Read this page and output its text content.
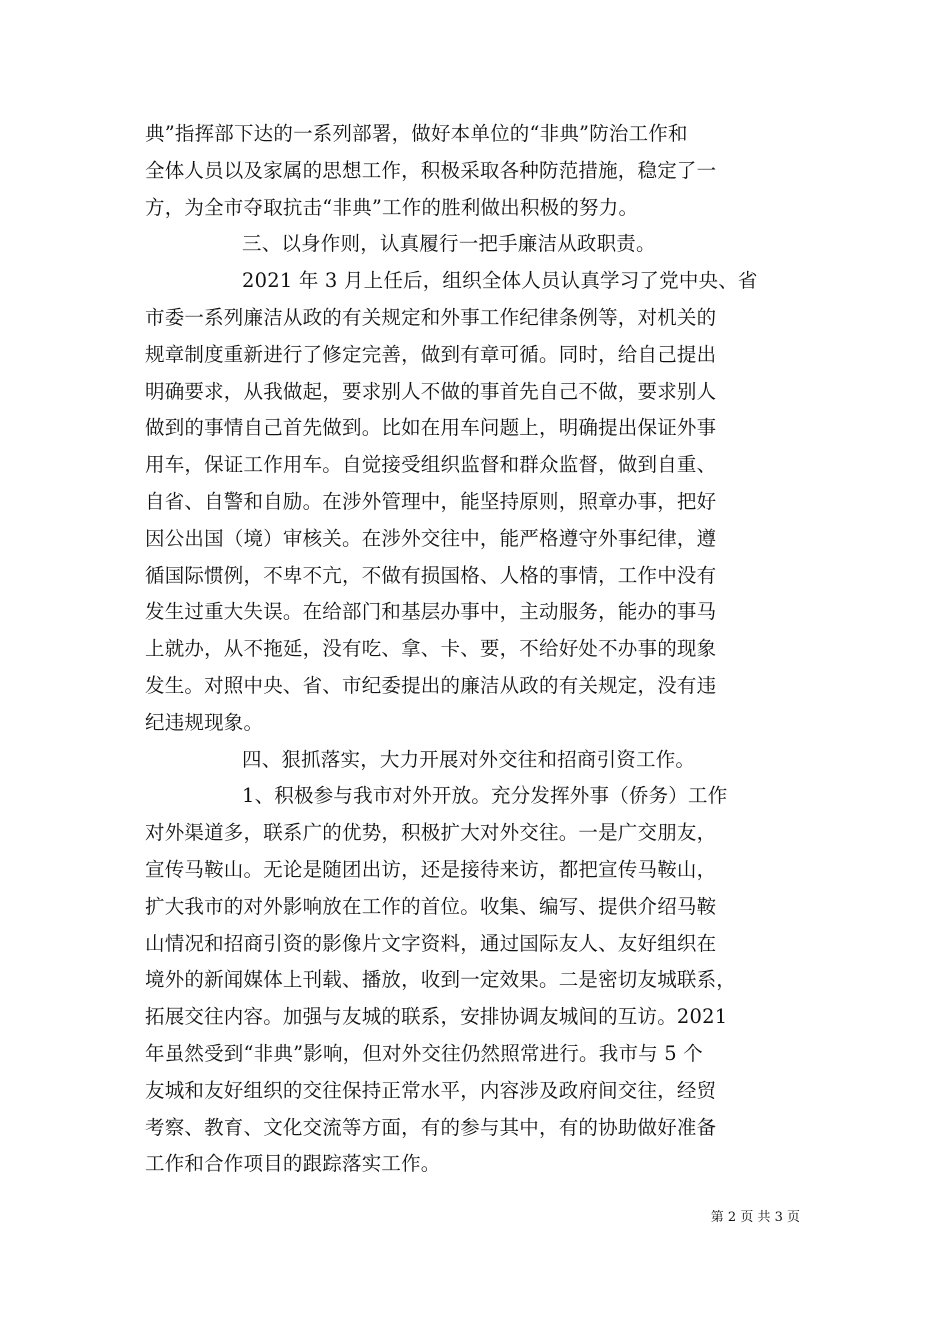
典”指挥部下达的一系列部署，做好本单位的“非典”防治工作和
全体人员以及家属的思想工作，积极采取各种防范措施，稳定了一
方，为全市夺取抗击“非典”工作的胜利做出积极的努力。
三、以身作则，认真履行一把手廉洁从政职责。
2021 年 3 月上任后，组织全体人员认真学习了党中央、省
市委一系列廉洁从政的有关规定和外事工作纪律条例等，对机关的
规章制度重新进行了修定完善，做到有章可循。同时，给自己提出
明确要求，从我做起，要求别人不做的事首先自己不做，要求别人
做到的事情自己首先做到。比如在用车问题上，明确提出保证外事
用车，保证工作用车。自觉接受组织监督和群众监督，做到自重、
自省、自警和自励。在涉外管理中，能坚持原则，照章办事，把好
因公出国（境）审核关。在涉外交往中，能严格遵守外事纪律，遵
循国际惯例，不卑不亢，不做有损国格、人格的事情，工作中没有
发生过重大失误。在给部门和基层办事中，主动服务，能办的事马
上就办，从不拖延，没有吃、拿、卡、要，不给好处不办事的现象
发生。对照中央、省、市纪委提出的廉洁从政的有关规定，没有违
纪违规现象。
四、狠抓落实，大力开展对外交往和招商引资工作。
1、积极参与我市对外开放。充分发挥外事（侨务）工作
对外渠道多，联系广的优势，积极扩大对外交往。一是广交朋友，
宣传马鞍山。无论是随团出访，还是接待来访，都把宣传马鞍山，
扩大我市的对外影响放在工作的首位。收集、编写、提供介绍马鞍
山情况和招商引资的影像片文字资料，通过国际友人、友好组织在
境外的新闻媒体上刊载、播放，收到一定效果。二是密切友城联系，
拓展交往内容。加强与友城的联系，安排协调友城间的互访。2021
年虽然受到“非典”影响，但对外交往仍然照常进行。我市与 5 个
友城和友好组织的交往保持正常水平，内容涉及政府间交往，经贸
考察、教育、文化交流等方面，有的参与其中，有的协助做好准备
工作和合作项目的跟踪落实工作。
第 2 页 共 3 页
